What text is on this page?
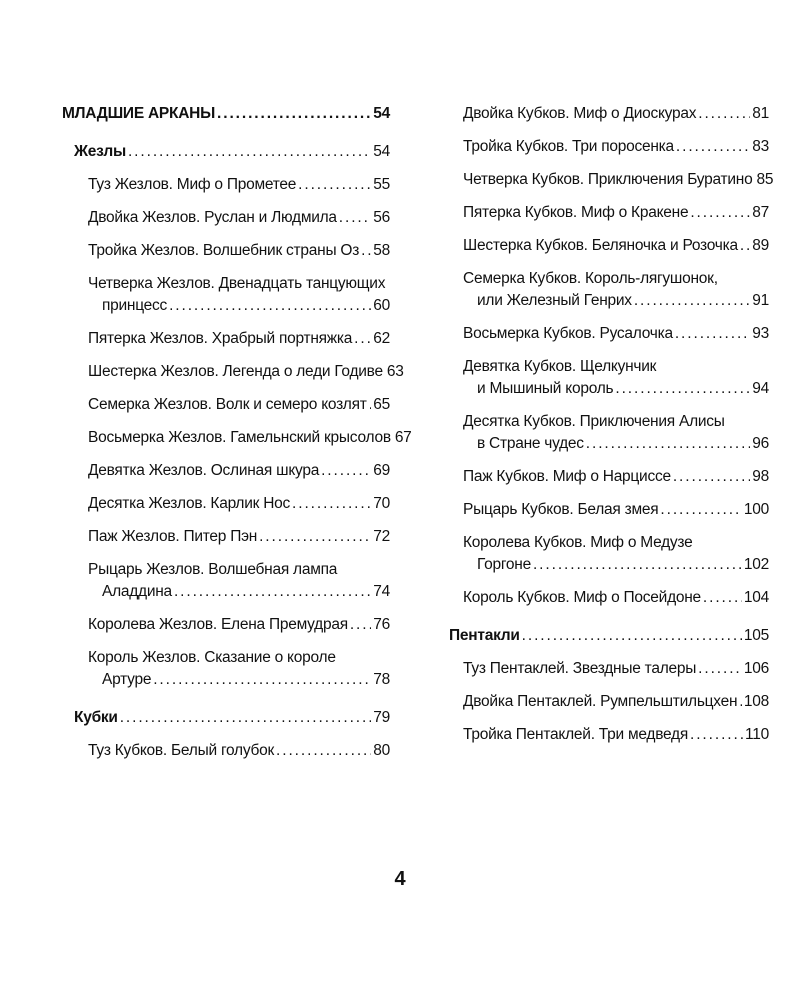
МЛАДШИЕ АРКАНЫ . . .	54
Жезлы . . .	54
Туз Жезлов. Миф о Прометее . . .	55
Двойка Жезлов. Руслан и Людмила . . . 56
Тройка Жезлов. Волшебник страны Оз . . . 58
Четверка Жезлов. Двенадцать танцующих
принцесс . . .	60
Пятерка Жезлов. Храбрый портняжка . . . 62
Шестерка Жезлов. Легенда о леди Годиве 63
Семерка Жезлов. Волк и семеро козлят . . . 65
Восьмерка Жезлов. Гамельнский крысолов 67
Девятка Жезлов. Ослиная шкура . . .	69
Десятка Жезлов. Карлик Нос . . .	70
Паж Жезлов. Питер Пэн . . .	72
Рыцарь Жезлов. Волшебная лампа
Аладдина . . .	74
Королева Жезлов. Елена Премудрая . . . 76
Король Жезлов. Сказание о короле
Артуре . . .	78
Кубки . . .	79
Туз Кубков. Белый голубок . . .	80
Двойка Кубков. Миф о Диоскурах . . .	81
Тройка Кубков. Три поросенка . . .	83
Четверка Кубков. Приключения Буратино 85
Пятерка Кубков. Миф о Кракене . . .	87
Шестерка Кубков. Беляночка и Розочка . . . 89
Семерка Кубков. Король-лягушонок,
или Железный Генрих . . .	91
Восьмерка Кубков. Русалочка . . .	93
Девятка Кубков. Щелкунчик
и Мышиный король . . .	94
Десятка Кубков. Приключения Алисы
в Стране чудес . . .	96
Паж Кубков. Миф о Нарциссе . . .	98
Рыцарь Кубков. Белая змея . . .	100
Королева Кубков. Миф о Медузе
Горгоне . . .	102
Король Кубков. Миф о Посейдоне . . .	104
Пентакли . . .	105
Туз Пентаклей. Звездные талеры . . .	106
Двойка Пентаклей. Румпельштильцхен . . . 108
Тройка Пентаклей. Три медведя . . .	110
4
